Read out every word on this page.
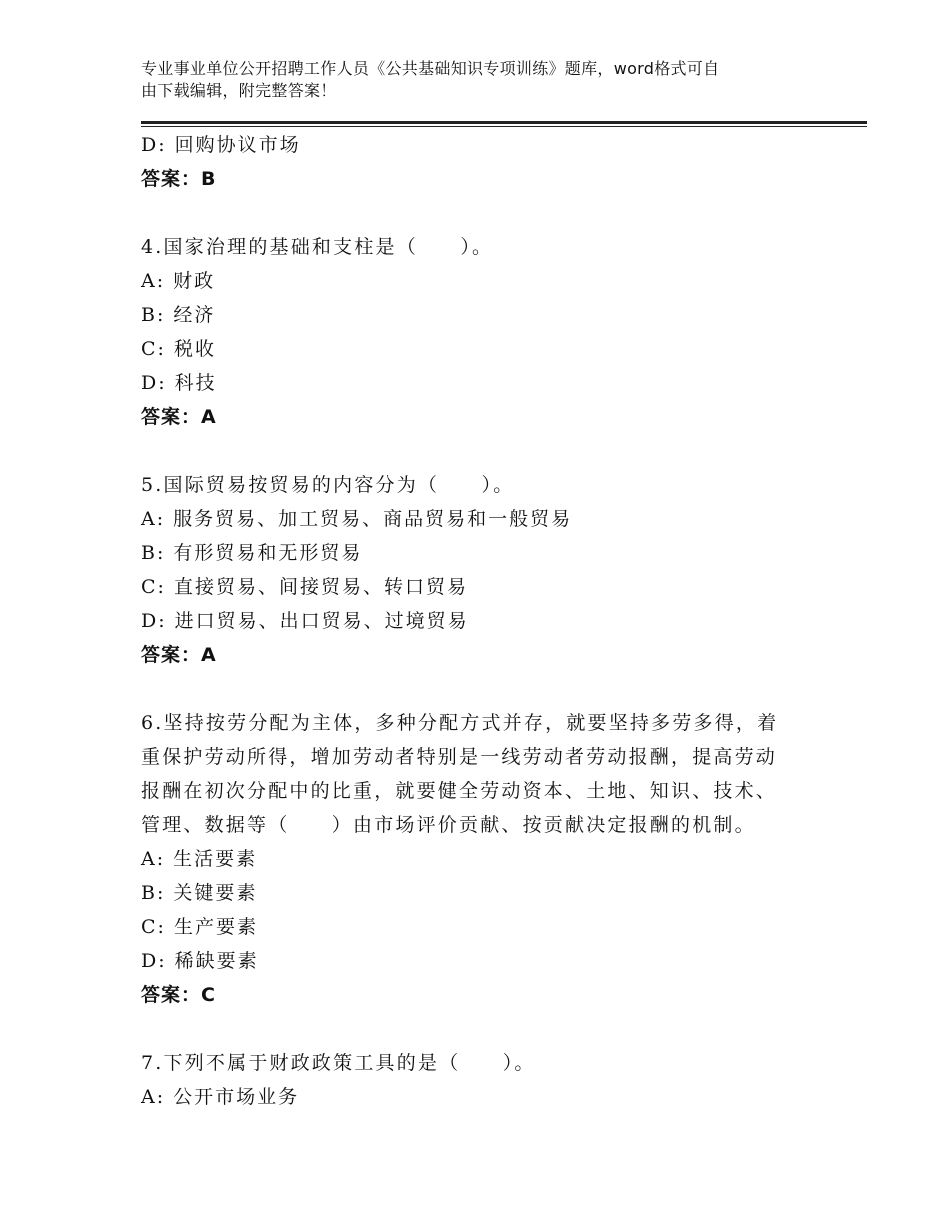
专业事业单位公开招聘工作人员《公共基础知识专项训练》题库，word格式可自
由下载编辑，附完整答案！
D: 回购协议市场
答案：B
4.国家治理的基础和支柱是（　　）。
A: 财政
B: 经济
C: 税收
D: 科技
答案：A
5.国际贸易按贸易的内容分为（　　）。
A: 服务贸易、加工贸易、商品贸易和一般贸易
B: 有形贸易和无形贸易
C: 直接贸易、间接贸易、转口贸易
D: 进口贸易、出口贸易、过境贸易
答案：A
6.坚持按劳分配为主体，多种分配方式并存，就要坚持多劳多得，着
重保护劳动所得，增加劳动者特别是一线劳动者劳动报酬，提高劳动
报酬在初次分配中的比重，就要健全劳动资本、土地、知识、技术、
管理、数据等（　　）由市场评价贡献、按贡献决定报酬的机制。
A: 生活要素
B: 关键要素
C: 生产要素
D: 稀缺要素
答案：C
7.下列不属于财政政策工具的是（　　）。
A: 公开市场业务
